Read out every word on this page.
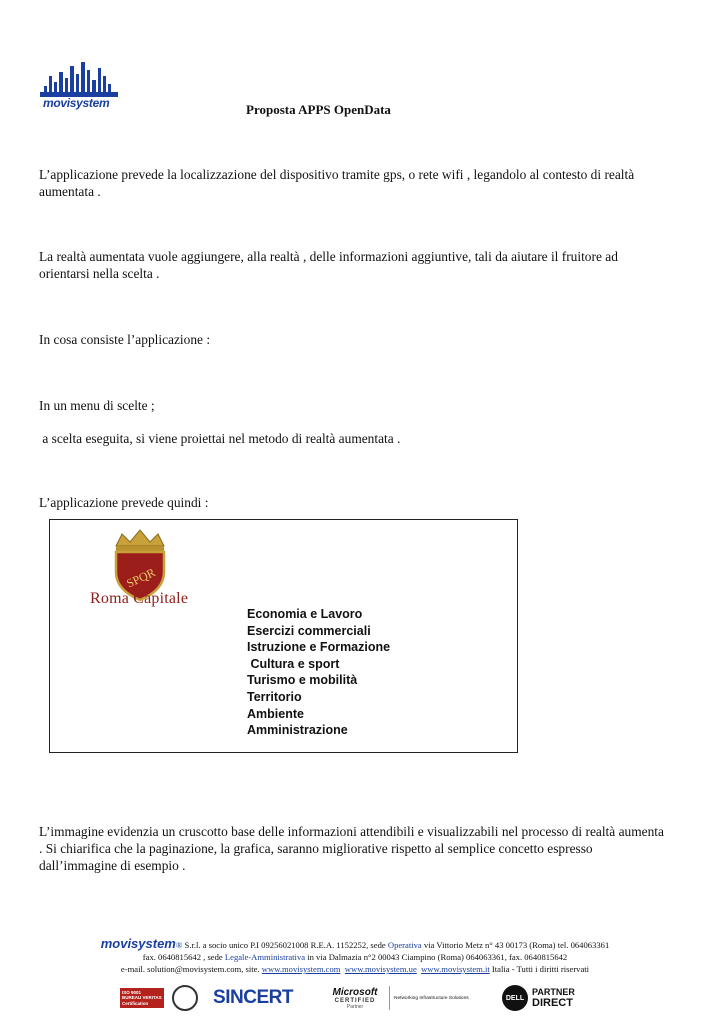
movisystem	Proposta APPS OpenData
L’applicazione prevede la localizzazione del dispositivo tramite gps, o rete wifi , legandolo al contesto di realtà aumentata .
La realtà aumentata vuole aggiungere, alla realtà , delle informazioni aggiuntive, tali da aiutare il fruitore ad orientarsi nella scelta .
In cosa consiste l’applicazione :
In un menu di scelte ;
a scelta eseguita, si viene proiettai nel metodo di realtà aumentata .
L’applicazione prevede quindi :
SPQR
Roma Capitale
Economia e Lavoro
Esercizi commerciali
Istruzione e Formazione
Cultura e sport
Turismo e mobilità
Territorio
Ambiente
Amministrazione
L’immagine evidenzia un cruscotto base delle informazioni attendibili e visualizzabili nel processo di realtà aumenta . Si chiarifica che la paginazione, la grafica, saranno migliorative rispetto al semplice concetto espresso dall’immagine di esempio .
movisystem® S.r.l. a socio unico P.I 09256021008 R.E.A. 1152252, sede Operativa via Vittorio Metz n° 43 00173 (Roma) tel. 064063361
fax. 0640815642 , sede Legale-Amministrativa in via Dalmazia n°2 00043 Ciampino (Roma) 064063361, fax. 0640815642
e-mail. solution@movisystem.com, site. www.movisystem.com www.movisystem.ue www.movisystem.it Italia - Tutti i diritti riservati
ISO 9001
BUREAU VERITAS
Certification	SINCERT	Microsoft
CERTIFIED
Partner
Networking Infrastructure Solutions	DELL
PARTNER
DIRECT
